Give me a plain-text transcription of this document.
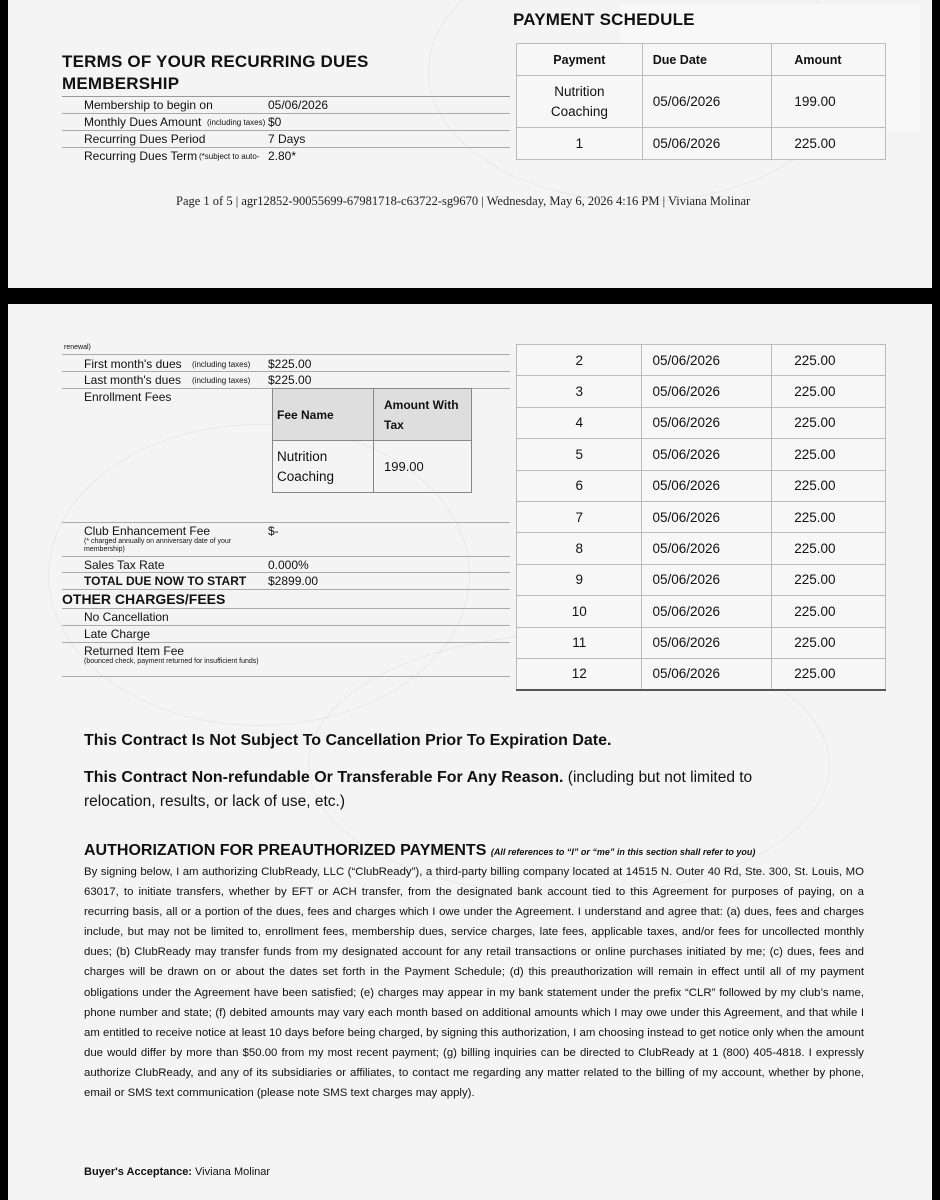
PAYMENT SCHEDULE
TERMS OF YOUR RECURRING DUES
MEMBERSHIP
Membership to begin on	05/06/2026
Monthly Dues Amount (including taxes) $0
Recurring Dues Period	7 Days
Recurring Dues Term (*subject to auto- 2.80*
Payment	Due Date	Amount
Nutrition Coaching	05/06/2026	199.00
1	05/06/2026	225.00
Page 1 of 5 | agr12852-90055699-67981718-c63722-sg9670 | Wednesday, May 6, 2026 4:16 PM | Viviana Molinar
renewal)
First month's dues (including taxes) $225.00
Last month's dues (including taxes) $225.00
Enrollment Fees
Fee Name	Amount With Tax
Nutrition Coaching	199.00
Club Enhancement Fee	$-
(* charged annually on anniversary date of your membership)
Sales Tax Rate	0.000%
TOTAL DUE NOW TO START $2899.00
OTHER CHARGES/FEES
No Cancellation
Late Charge
Returned Item Fee
(bounced check, payment returned for insufficient funds)
2	05/06/2026	225.00
3	05/06/2026	225.00
4	05/06/2026	225.00
5	05/06/2026	225.00
6	05/06/2026	225.00
7	05/06/2026	225.00
8	05/06/2026	225.00
9	05/06/2026	225.00
10	05/06/2026	225.00
11	05/06/2026	225.00
12	05/06/2026	225.00
This Contract Is Not Subject To Cancellation Prior To Expiration Date.
This Contract Non-refundable Or Transferable For Any Reason. (including but not limited to
relocation, results, or lack of use, etc.)
AUTHORIZATION FOR PREAUTHORIZED PAYMENTS (All references to “I” or “me” in this section shall refer to you)
By signing below, I am authorizing ClubReady, LLC (“ClubReady”), a third-party billing company located at 14515 N. Outer 40 Rd, Ste. 300, St. Louis, MO 63017, to initiate transfers, whether by EFT or ACH transfer, from the designated bank account tied to this Agreement for purposes of paying, on a recurring basis, all or a portion of the dues, fees and charges which I owe under the Agreement. I understand and agree that: (a) dues, fees and charges include, but may not be limited to, enrollment fees, membership dues, service charges, late fees, applicable taxes, and/or fees for uncollected monthly dues; (b) ClubReady may transfer funds from my designated account for any retail transactions or online purchases initiated by me; (c) dues, fees and charges will be drawn on or about the dates set forth in the Payment Schedule; (d) this preauthorization will remain in effect until all of my payment obligations under the Agreement have been satisfied; (e) charges may appear in my bank statement under the prefix “CLR” followed by my club’s name, phone number and state; (f) debited amounts may vary each month based on additional amounts which I may owe under this Agreement, and that while I am entitled to receive notice at least 10 days before being charged, by signing this authorization, I am choosing instead to get notice only when the amount due would differ by more than $50.00 from my most recent payment; (g) billing inquiries can be directed to ClubReady at 1 (800) 405-4818. I expressly authorize ClubReady, and any of its subsidiaries or affiliates, to contact me regarding any matter related to the billing of my account, whether by phone, email or SMS text communication (please note SMS text charges may apply).
Buyer's Acceptance: Viviana Molinar
